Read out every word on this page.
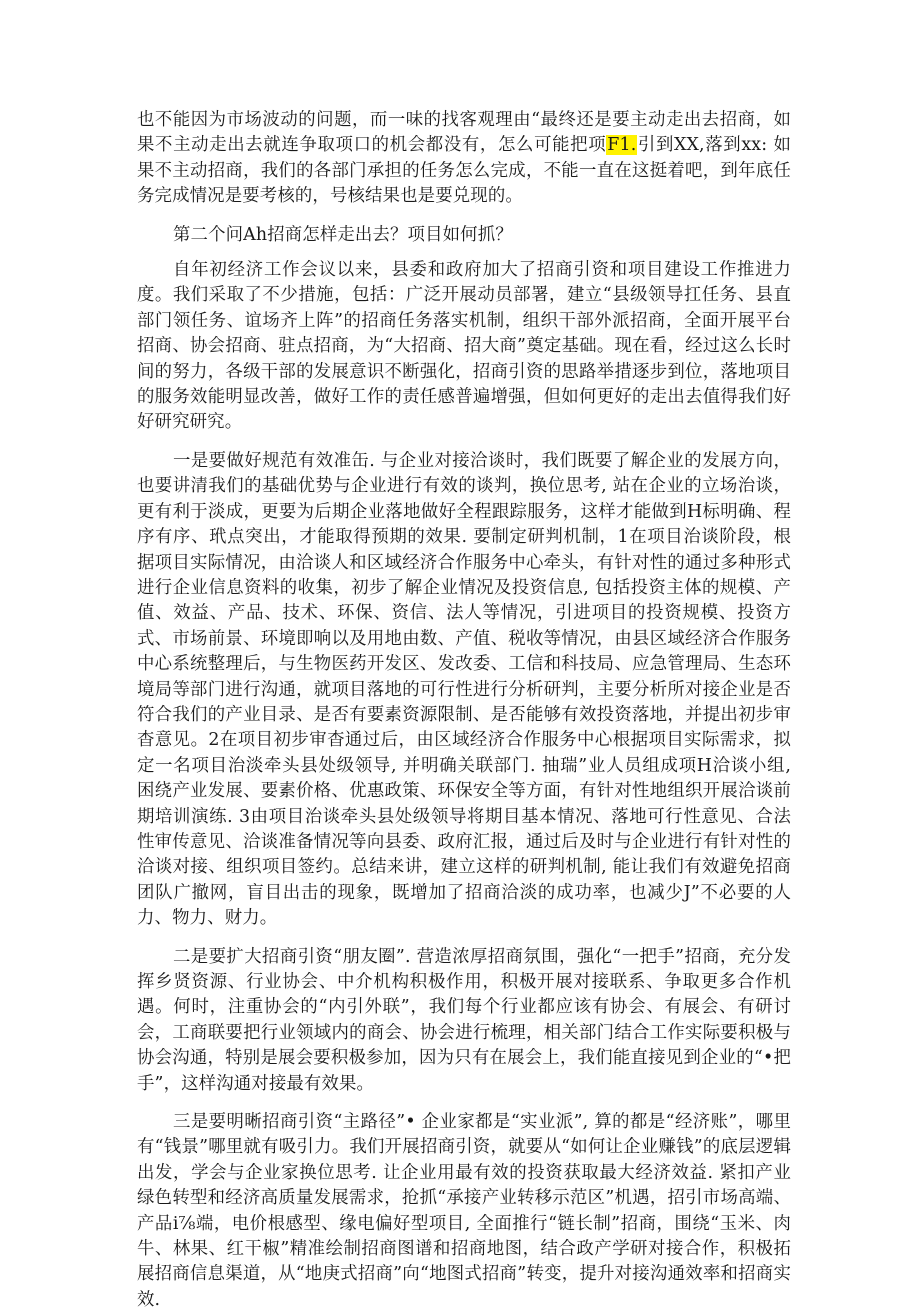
也不能因为市场波动的问题，而一味的找客观理由“最终还是要主动走出去招商，如果不主动走出去就连争取项口的机会都没有，怎么可能把项F1.引到XX,落到xx: 如果不主动招商，我们的各部门承担的任务怎么完成，不能一直在这挺着吧，到年底任务完成情况是要考核的，号核结果也是要兑现的。

第二个问Ah招商怎样走出去？项目如何抓？

自年初经济工作会议以来，县委和政府加大了招商引资和项目建设工作推进力度。我们采取了不少措施，包括：广泛开展动员部署，建立“县级领导扛任务、县直部门领任务、谊场齐上阵”的招商任务落实机制，组织干部外派招商，全面开展平台招商、协会招商、驻点招商，为“大招商、招大商”奠定基础。现在看，经过这么长时间的努力，各级干部的发展意识不断强化，招商引资的思路举措逐步到位，落地项目的服务效能明显改善，做好工作的责任感普遍增强，但如何更好的走出去值得我们好好研究研究。

一是要做好规范有效准缶. 与企业对接洽谈时，我们既要了解企业的发展方向，也要讲清我们的基础优势与企业进行有效的谈判，换位思考, 站在企业的立场治谈，更有利于淡成，更要为后期企业落地做好全程跟踪服务，这样才能做到H标明确、程序有序、玳点突出，才能取得预期的效果. 要制定研判机制，1在项目治谈阶段，根据项目实际情况，由洽谈人和区域经济合作服务中心牵头，有针对性的通过多种形式进行企业信息资料的收集，初步了解企业情况及投资信息, 包括投资主体的规模、产值、效益、产品、技术、环保、资信、法人等情况，引进项目的投资规模、投资方式、市场前景、环境即响以及用地由数、产值、税收等情况，由县区域经济合作服务中心系统整理后，与生物医药开发区、发改委、工信和科技局、应急管理局、生态环境局等部门进行沟通，就项目落地的可行性进行分析研判，主要分析所对接企业是否符合我们的产业目录、是否有要素资源限制、是否能够有效投资落地，并提出初步审杳意见。2在项目初步审杳通过后，由区域经济合作服务中心根据项目实际需求，拟定一名项目治淡牵头县处级领导, 并明确关联部门. 抽瑞”业人员组成项H洽谈小组, 困绕产业发展、要素价格、优惠政策、环保安全等方面，有针对性地组织开展洽谈前期培训演练. 3由项目治谈牵头县处级领导将期目基本情况、落地可行性意见、合法性审传意见、洽谈准备情况等向县委、政府汇报，通过后及时与企业进行有针对性的洽谈对接、组织项目签约。总结来讲，建立这样的研判机制, 能让我们有效避免招商团队广撤网，盲目出击的现象，既增加了招商洽淡的成功率，也减少J”不必要的人力、物力、财力。

二是要扩大招商引资“朋友圈”. 营造浓厚招商氛围，强化“一把手”招商，充分发挥乡贤资源、行业协会、中介机构积极作用，积极开展对接联系、争取更多合作机遇。何时，注重协会的“内引外联”，我们每个行业都应该有协会、有展会、有研讨会，工商联要把行业领域内的商会、协会进行梳理，相关部门结合工作实际要积极与协会沟通，特别是展会要积极参加，因为只有在展会上，我们能直接见到企业的“•把手”，这样沟通对接最有效果。

三是要明晰招商引资“主路径”• 企业家都是“实业派”, 算的都是“经济账”，哪里有“钱景”哪里就有吸引力。我们开展招商引资，就要从“如何让企业赚钱”的底层逻辑出发，学会与企业家换位思考. 让企业用最有效的投资获取最大经济效益. 紧扣产业绿色转型和经济高质量发展需求，抢抓“承接产业转移示范区”机遇，招引市场高端、产品i⅞端，电价根感型、缘电偏好型项目, 全面推行“链长制”招商，围绕“玉米、肉牛、林果、红干椒”精准绘制招商图谱和招商地图，结合政产学研对接合作，积极拓展招商信息渠道，从“地庚式招商”向“地图式招商”转变，提升对接沟通效率和招商实效.
